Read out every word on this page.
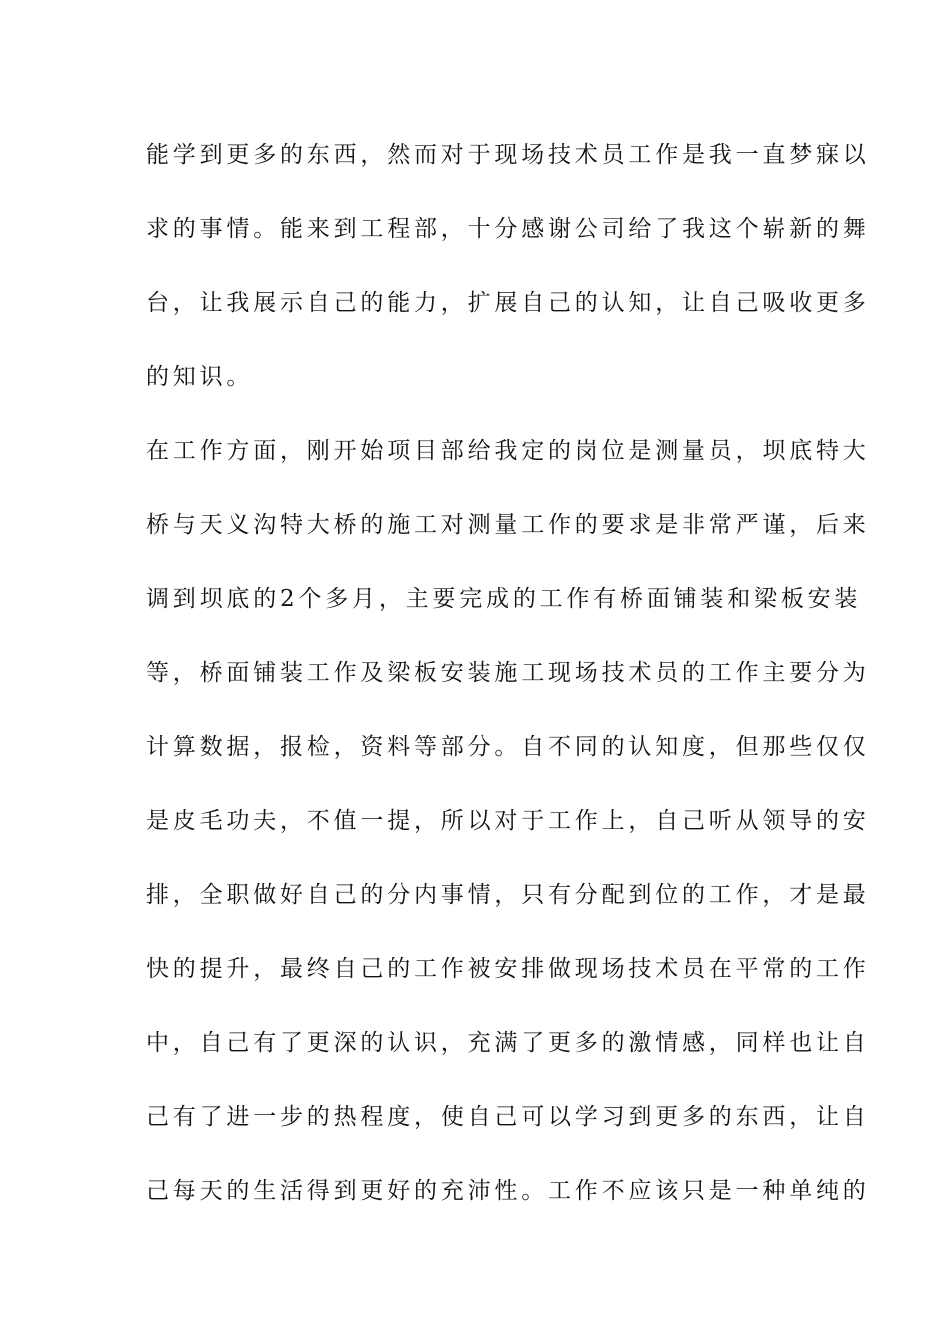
能学到更多的东西，然而对于现场技术员工作是我一直梦寐以
求的事情。能来到工程部，十分感谢公司给了我这个崭新的舞
台，让我展示自己的能力，扩展自己的认知，让自己吸收更多
的知识。
在工作方面，刚开始项目部给我定的岗位是测量员，坝底特大
桥与天义沟特大桥的施工对测量工作的要求是非常严谨，后来
调到坝底的2个多月，主要完成的工作有桥面铺装和梁板安装
等，桥面铺装工作及梁板安装施工现场技术员的工作主要分为
计算数据，报检，资料等部分。自不同的认知度，但那些仅仅
是皮毛功夫，不值一提，所以对于工作上，自己听从领导的安
排，全职做好自己的分内事情，只有分配到位的工作，才是最
快的提升，最终自己的工作被安排做现场技术员在平常的工作
中，自己有了更深的认识，充满了更多的激情感，同样也让自
己有了进一步的热程度，使自己可以学习到更多的东西，让自
己每天的生活得到更好的充沛性。工作不应该只是一种单纯的
